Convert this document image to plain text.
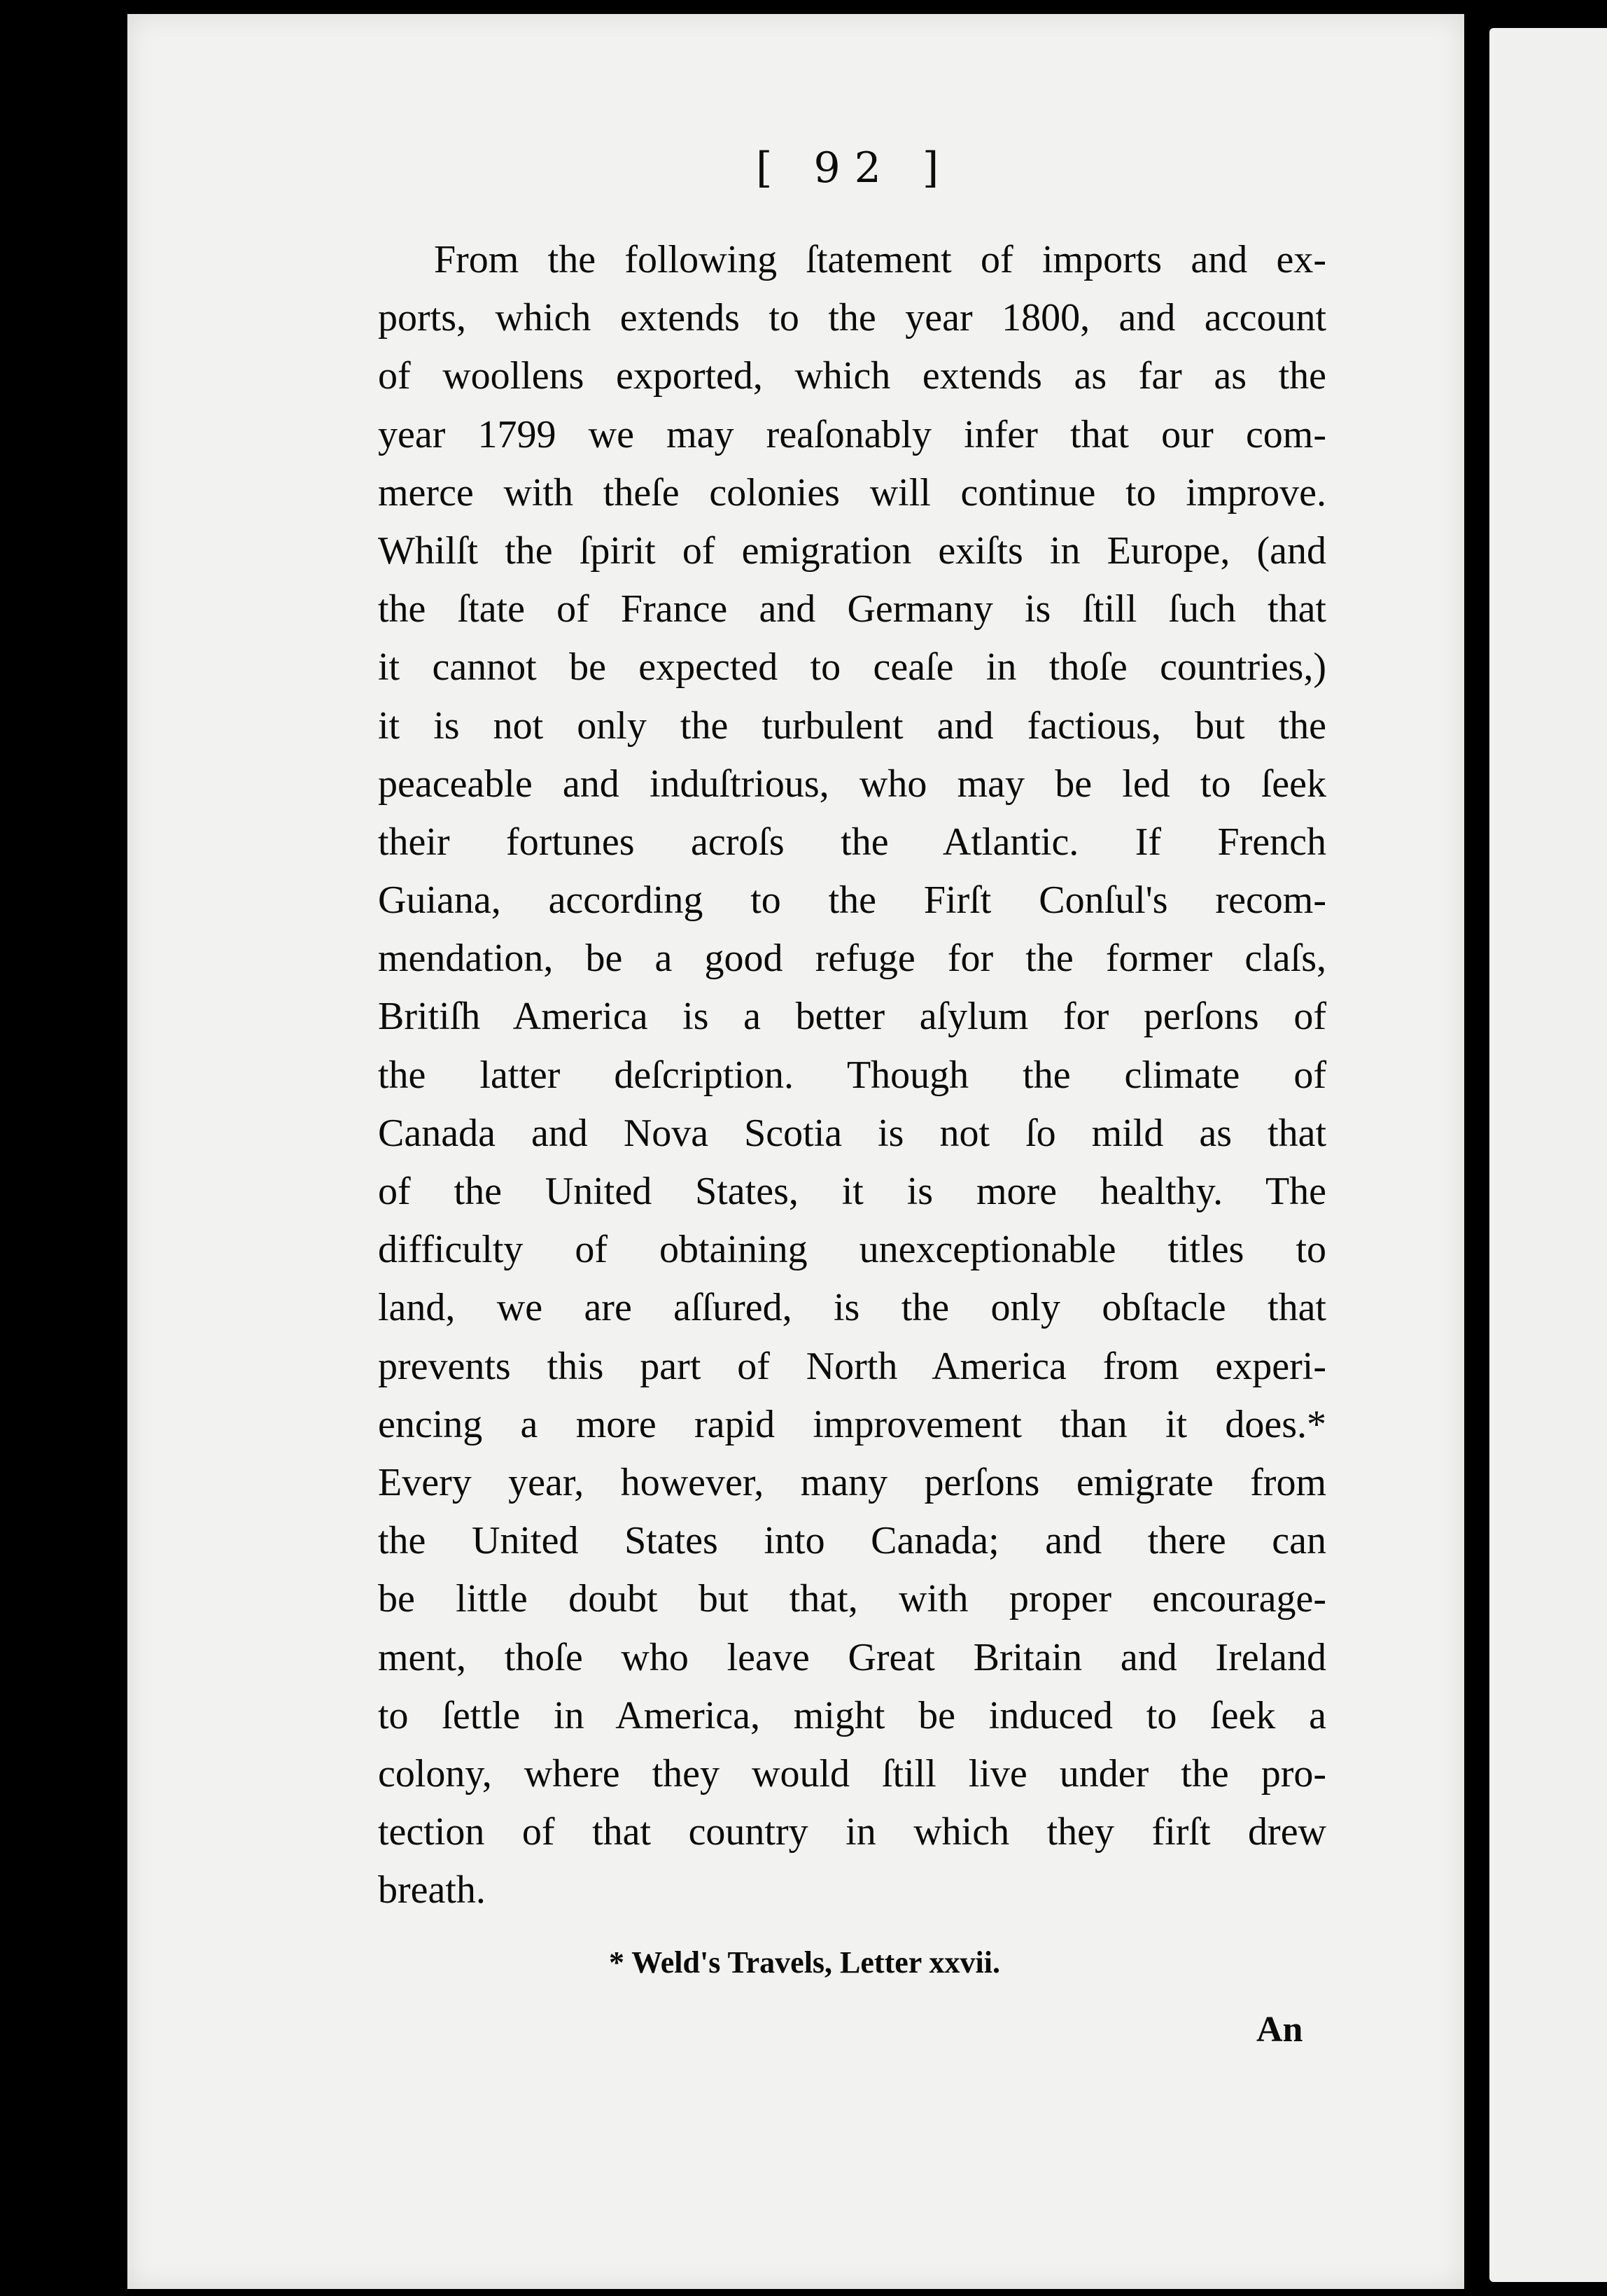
[ 92 ]

From the following ſtatement of imports and ex-
ports, which extends to the year 1800, and account
of woollens exported, which extends as far as the
year 1799 we may reaſonably infer that our com-
merce with theſe colonies will continue to improve.
Whilſt the ſpirit of emigration exiſts in Europe, (and
the ſtate of France and Germany is ſtill ſuch that
it cannot be expected to ceaſe in thoſe countries,)
it is not only the turbulent and factious, but the
peaceable and induſtrious, who may be led to ſeek
their fortunes acroſs the Atlantic. If French
Guiana, according to the Firſt Conſul's recom-
mendation, be a good refuge for the former claſs,
Britiſh America is a better aſylum for perſons of
the latter deſcription. Though the climate of
Canada and Nova Scotia is not ſo mild as that
of the United States, it is more healthy. The
difficulty of obtaining unexceptionable titles to
land, we are aſſured, is the only obſtacle that
prevents this part of North America from experi-
encing a more rapid improvement than it does.*
Every year, however, many perſons emigrate from
the United States into Canada; and there can
be little doubt but that, with proper encourage-
ment, thoſe who leave Great Britain and Ireland
to ſettle in America, might be induced to ſeek a
colony, where they would ſtill live under the pro-
tection of that country in which they firſt drew
breath.

* Weld's Travels, Letter xxvii.
An
